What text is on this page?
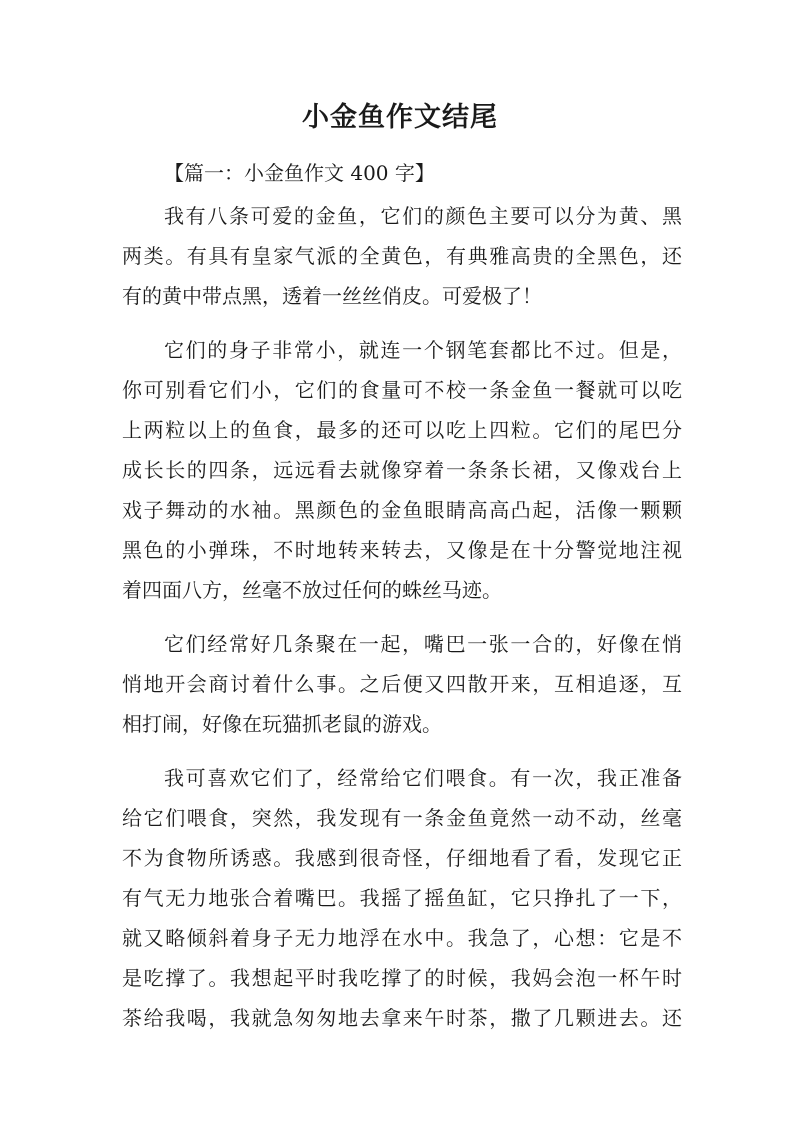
小金鱼作文结尾

【篇一：小金鱼作文 400 字】

我有八条可爱的金鱼，它们的颜色主要可以分为黄、黑
两类。有具有皇家气派的全黄色，有典雅高贵的全黑色，还
有的黄中带点黑，透着一丝丝俏皮。可爱极了！
它们的身子非常小，就连一个钢笔套都比不过。但是，
你可别看它们小，它们的食量可不校一条金鱼一餐就可以吃
上两粒以上的鱼食，最多的还可以吃上四粒。它们的尾巴分
成长长的四条，远远看去就像穿着一条条长裙，又像戏台上
戏子舞动的水袖。黑颜色的金鱼眼睛高高凸起，活像一颗颗
黑色的小弹珠，不时地转来转去，又像是在十分警觉地注视
着四面八方，丝毫不放过任何的蛛丝马迹。
它们经常好几条聚在一起，嘴巴一张一合的，好像在悄
悄地开会商讨着什么事。之后便又四散开来，互相追逐，互
相打闹，好像在玩猫抓老鼠的游戏。
我可喜欢它们了，经常给它们喂食。有一次，我正准备
给它们喂食，突然，我发现有一条金鱼竟然一动不动，丝毫
不为食物所诱惑。我感到很奇怪，仔细地看了看，发现它正
有气无力地张合着嘴巴。我摇了摇鱼缸，它只挣扎了一下，
就又略倾斜着身子无力地浮在水中。我急了，心想：它是不
是吃撑了。我想起平时我吃撑了的时候，我妈会泡一杯午时
茶给我喝，我就急匆匆地去拿来午时茶，撒了几颗进去。还
